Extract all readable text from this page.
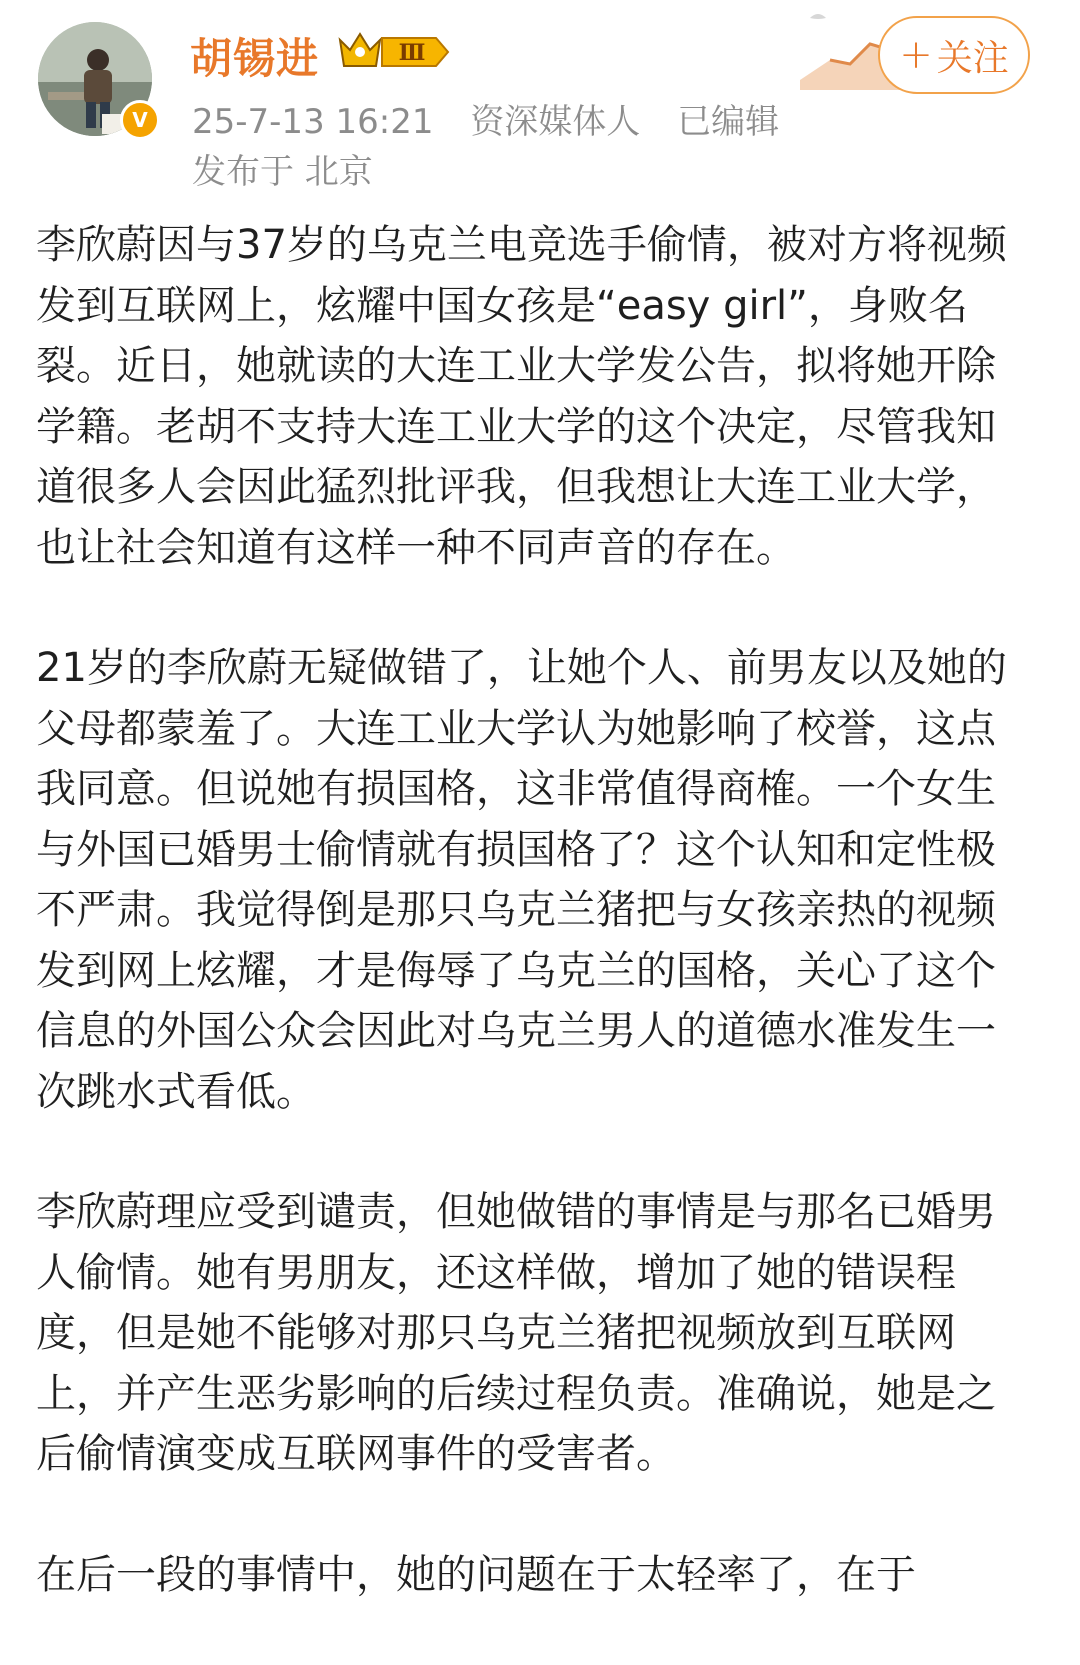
V
胡锡进	Ⅲ
25-7-13 16:21 资深媒体人 已编辑
发布于 北京
+ 关注

李欣蔚因与37岁的乌克兰电竞选手偷情，被对方将视频发到互联网上，炫耀中国女孩是“easy girl”，身败名裂。近日，她就读的大连工业大学发公告，拟将她开除学籍。老胡不支持大连工业大学的这个决定，尽管我知道很多人会因此猛烈批评我，但我想让大连工业大学，也让社会知道有这样一种不同声音的存在。

21岁的李欣蔚无疑做错了，让她个人、前男友以及她的父母都蒙羞了。大连工业大学认为她影响了校誉，这点我同意。但说她有损国格，这非常值得商榷。一个女生与外国已婚男士偷情就有损国格了？这个认知和定性极不严肃。我觉得倒是那只乌克兰猪把与女孩亲热的视频发到网上炫耀，才是侮辱了乌克兰的国格，关心了这个信息的外国公众会因此对乌克兰男人的道德水准发生一次跳水式看低。

李欣蔚理应受到谴责，但她做错的事情是与那名已婚男人偷情。她有男朋友，还这样做，增加了她的错误程度，但是她不能够对那只乌克兰猪把视频放到互联网上，并产生恶劣影响的后续过程负责。准确说，她是之后偷情演变成互联网事件的受害者。

在后一段的事情中，她的问题在于太轻率了，在于
